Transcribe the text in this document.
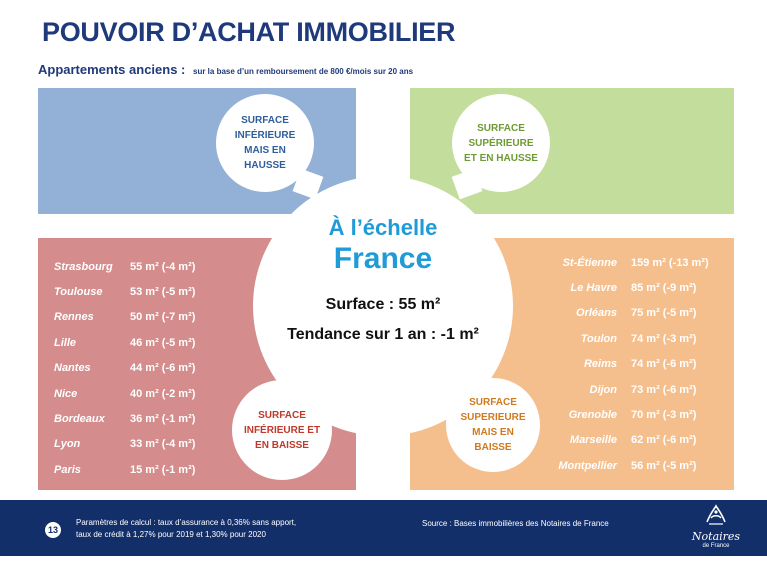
POUVOIR D’ACHAT IMMOBILIER
Appartements anciens : sur la base d’un remboursement de 800 €/mois sur 20 ans
SURFACE INFÉRIEURE MAIS EN HAUSSE
SURFACE SUPÉRIEURE ET EN HAUSSE
À l’échelle
France
Surface : 55 m²
Tendance sur 1 an : -1 m²
SURFACE INFÉRIEURE ET EN BAISSE
SURFACE SUPERIEURE MAIS EN BAISSE
Strasbourg	55 m² (-4 m²)
Toulouse	53 m² (-5 m²)
Rennes	50 m² (-7 m²)
Lille	46 m² (-5 m²)
Nantes	44 m² (-6 m²)
Nice	40 m² (-2 m²)
Bordeaux	36 m² (-1 m²)
Lyon	33 m² (-4 m²)
Paris	15 m² (-1 m²)
St-Étienne 159 m² (-13 m²)
Le Havre 85 m² (-9 m²)
Orléans 75 m² (-5 m²)
Toulon 74 m² (-3 m²)
Reims 74 m² (-6 m²)
Dijon 73 m² (-6 m²)
Grenoble 70 m² (-3 m²)
Marseille 62 m² (-6 m²)
Montpellier 56 m² (-5 m²)
13
Paramètres de calcul : taux d’assurance à 0,36% sans apport,
taux de crédit à 1,27% pour 2019 et 1,30% pour 2020
Source : Bases immobilières des Notaires de France
Notaires
de France
